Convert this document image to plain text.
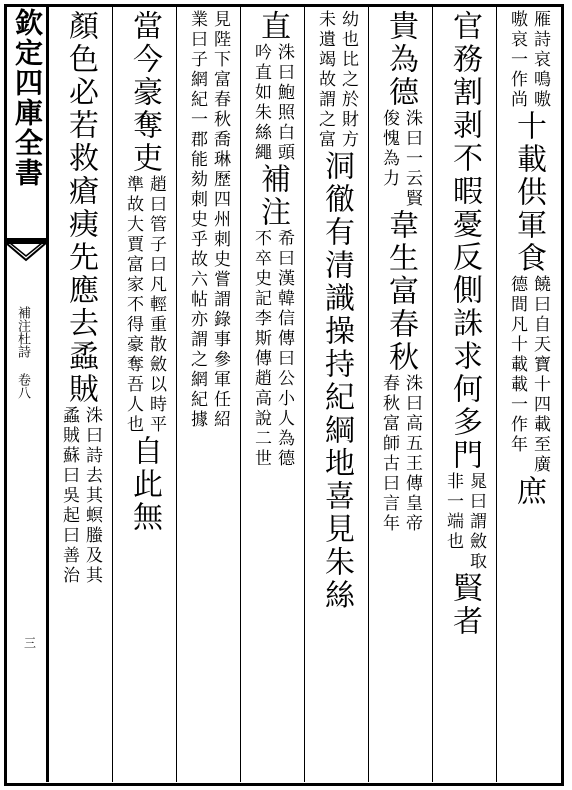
欽定四庫全書
補注杜詩 卷八
三
雁詩哀鳴嗷
嗷哀一作尚
十載供軍食
饒曰自天寶十四載至廣
德間凡十載載一作年
庶
官務割剥不暇憂反側誅求何多門
晁曰謂斂取
非一端也
賢者
貴為德
洙曰一云賢
俊愧為力
韋生富春秋
洙曰高五王傳皇帝
春秋富師古曰言年
幼也比之於財方
未遺竭故謂之富
洞徹有清識操持紀綱地喜見朱絲
直
洙曰鮑照白頭
吟直如朱絲繩
補注
希曰漢韓信傳曰公小人為德
不卒史記李斯傳趙高說二世
見陛下富春秋喬琳歷四州刺史嘗謂錄事參軍任紹
業曰子網紀一郡能劾刺史乎故六帖亦謂之網紀據
當今豪奪吏
趙曰管子曰凡輕重散斂以時平
準故大賈富家不得豪奪吾人也
自此無
顏色必若救瘡痍先應去蟊賊
洙曰詩去其螟螣及其
蟊賊蘇曰吳起曰善治
